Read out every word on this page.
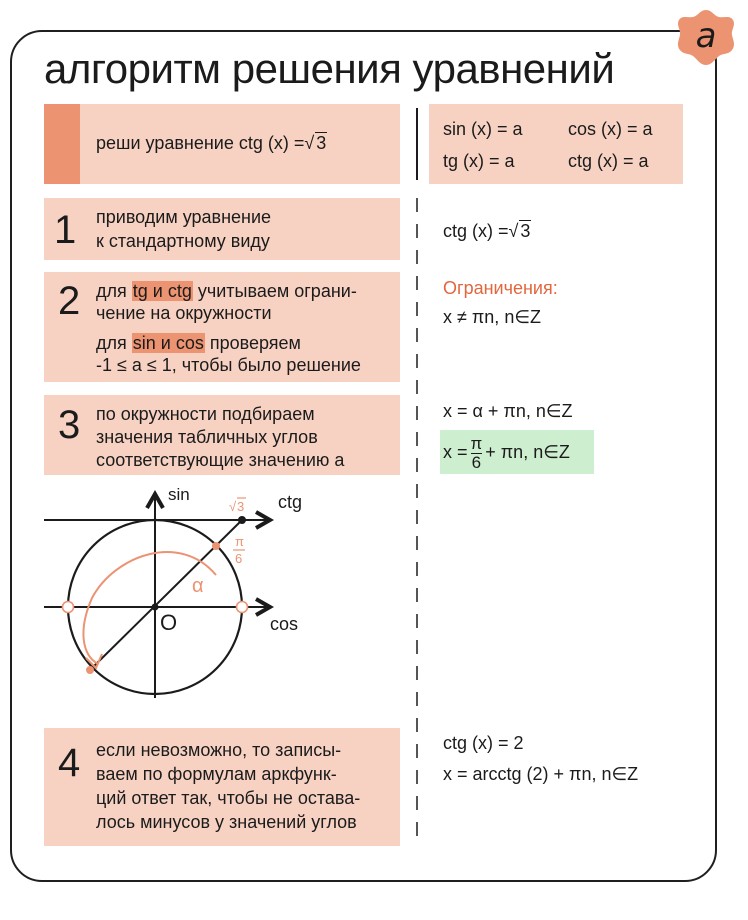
a
алгоритм решения уравнений
реши уравнение ctg (x) =√ 3
sin (x) = a	cos (x) = a
tg (x) = a	ctg (x) = a
1 приводим уравнение
к стандартному виду
2 для tg и ctg учитываем ограни-
чение на окружности
для sin и cos проверяем
-1 ≤ a ≤ 1, чтобы было решение
3 по окружности подбираем
значения табличных углов
соответствующие значению а
4 если невозможно, то записы-
ваем по формулам аркфунк-
ций ответ так, чтобы не остава-
лось минусов у значений углов
ctg (x) =√ 3
Ограничения:
x ≠ πn, n∈Z
x = α + πn, n∈Z
$x = \frac{\pi}{6} + \pi n$, n∈Z
ctg (x) = 2
x = arcctg (2) + πn, n∈Z
sin	ctg
cos
O
α
√ 3
π
6
